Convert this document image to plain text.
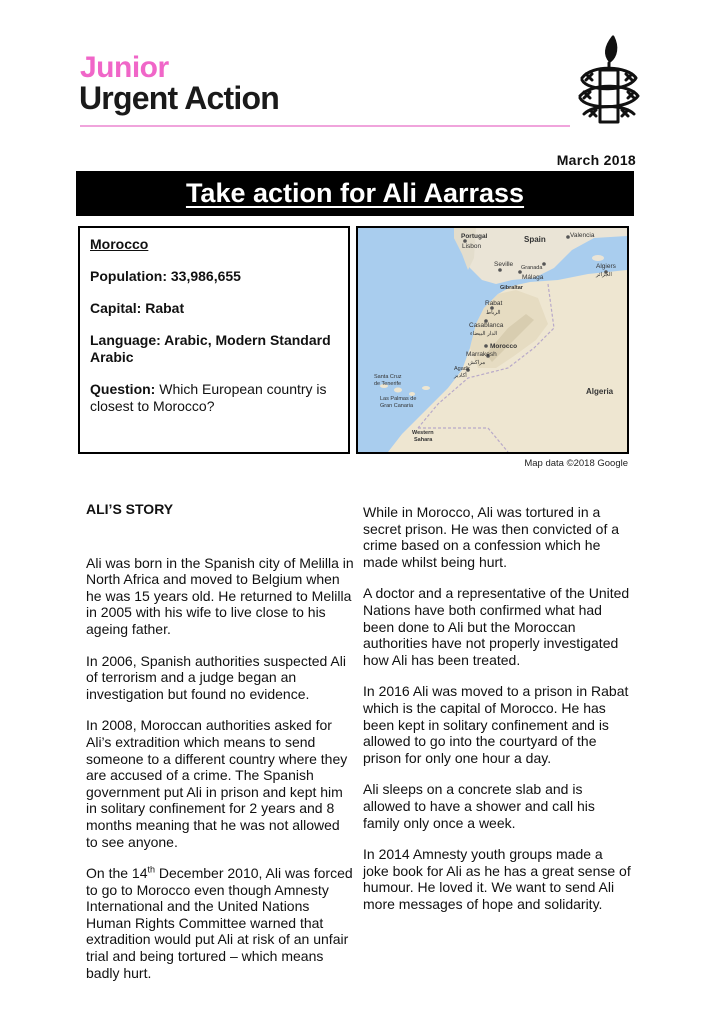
Junior
Urgent Action
March 2018
Take action for Ali Aarrass

Morocco

Population: 33,986,655

Capital: Rabat

Language: Arabic, Modern Standard Arabic

Question: Which European country is closest to Morocco?

Portugal
Lisbon
Spain	Valencia
Seville Granada
Málaga
Gibraltar
Algiers
الجزائر
Rabat
الرباط
Casablanca
الدار البيضاء
Morocco
Marrakesh
مراكش
Agadir
أكادير
Santa Cruz
de Tenerife
Las Palmas de
Gran Canaria
Algeria
Western
Sahara
Map data ©2018 Google

ALI’S STORY

Ali was born in the Spanish city of Melilla in North Africa and moved to Belgium when he was 15 years old. He returned to Melilla in 2005 with his wife to live close to his ageing father.

In 2006, Spanish authorities suspected Ali of terrorism and a judge began an investigation but found no evidence.

In 2008, Moroccan authorities asked for Ali’s extradition which means to send someone to a different country where they are accused of a crime. The Spanish government put Ali in prison and kept him in solitary confinement for 2 years and 8 months meaning that he was not allowed to see anyone.

On the 14th December 2010, Ali was forced to go to Morocco even though Amnesty International and the United Nations Human Rights Committee warned that extradition would put Ali at risk of an unfair trial and being tortured – which means badly hurt.

While in Morocco, Ali was tortured in a secret prison. He was then convicted of a crime based on a confession which he made whilst being hurt.

A doctor and a representative of the United Nations have both confirmed what had been done to Ali but the Moroccan authorities have not properly investigated how Ali has been treated.

In 2016 Ali was moved to a prison in Rabat which is the capital of Morocco. He has been kept in solitary confinement and is allowed to go into the courtyard of the prison for only one hour a day.

Ali sleeps on a concrete slab and is allowed to have a shower and call his family only once a week.

In 2014 Amnesty youth groups made a joke book for Ali as he has a great sense of humour. He loved it. We want to send Ali more messages of hope and solidarity.
